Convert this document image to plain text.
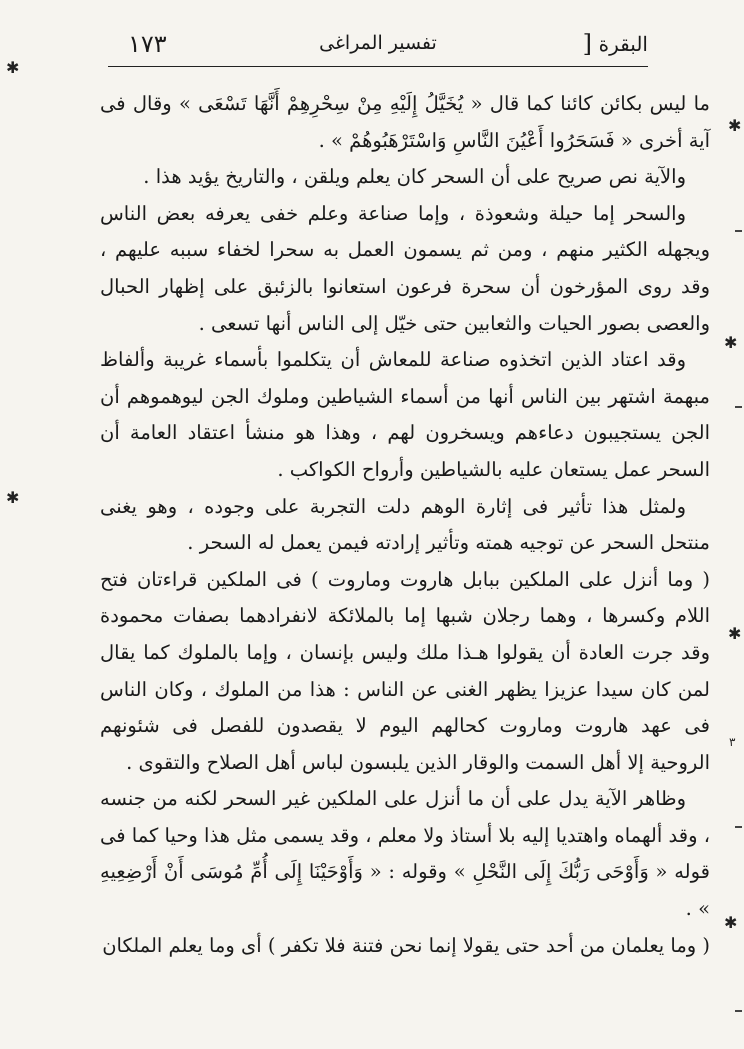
١٧٣	تفسير المراغى	] البقرة

ما ليس بكائن كائنا كما قال « يُخَيَّلُ إِلَيْهِ مِنْ سِحْرِهِمْ أَنَّهَا تَسْعَى » وقال فى آية أخرى « فَسَحَرُوا أَعْيُنَ النَّاسِ وَاسْتَرْهَبُوهُمْ » .

والآية نص صريح على أن السحر كان يعلم ويلقن ، والتاريخ يؤيد هذا .

والسحر إما حيلة وشعوذة ، وإما صناعة وعلم خفى يعرفه بعض الناس ويجهله الكثير منهم ، ومن ثم يسمون العمل به سحرا لخفاء سببه عليهم ، وقد روى المؤرخون أن سحرة فرعون استعانوا بالزئبق على إظهار الحبال والعصى بصور الحيات والثعابين حتى خيّل إلى الناس أنها تسعى .

وقد اعتاد الذين اتخذوه صناعة للمعاش أن يتكلموا بأسماء غريبة وألفاظ مبهمة اشتهر بين الناس أنها من أسماء الشياطين وملوك الجن ليوهموهم أن الجن يستجيبون دعاءهم ويسخرون لهم ، وهذا هو منشأ اعتقاد العامة أن السحر عمل يستعان عليه بالشياطين وأرواح الكواكب .

ولمثل هذا تأثير فى إثارة الوهم دلت التجربة على وجوده ، وهو يغنى منتحل السحر عن توجيه همته وتأثير إرادته فيمن يعمل له السحر .

( وما أنزل على الملكين ببابل هاروت وماروت ) فى الملكين قراءتان فتح اللام وكسرها ، وهما رجلان شبها إما بالملائكة لانفرادهما بصفات محمودة وقد جرت العادة أن يقولوا هـذا ملك وليس بإنسان ، وإما بالملوك كما يقال لمن كان سيدا عزيزا يظهر الغنى عن الناس : هذا من الملوك ، وكان الناس فى عهد هاروت وماروت كحالهم اليوم لا يقصدون للفصل فى شئونهم الروحية إلا أهل السمت والوقار الذين يلبسون لباس أهل الصلاح والتقوى .

وظاهر الآية يدل على أن ما أنزل على الملكين غير السحر لكنه من جنسه ، وقد ألهماه واهتديا إليه بلا أستاذ ولا معلم ، وقد يسمى مثل هذا وحيا كما فى قوله « وَأَوْحَى رَبُّكَ إِلَى النَّحْلِ » وقوله : « وَأَوْحَيْنَا إِلَى أُمِّ مُوسَى أَنْ أَرْضِعِيهِ » .

( وما يعلمان من أحد حتى يقولا إنما نحن فتنة فلا تكفر ) أى وما يعلم الملكان

✱
✱
✱
✱
✱
✱
٣
